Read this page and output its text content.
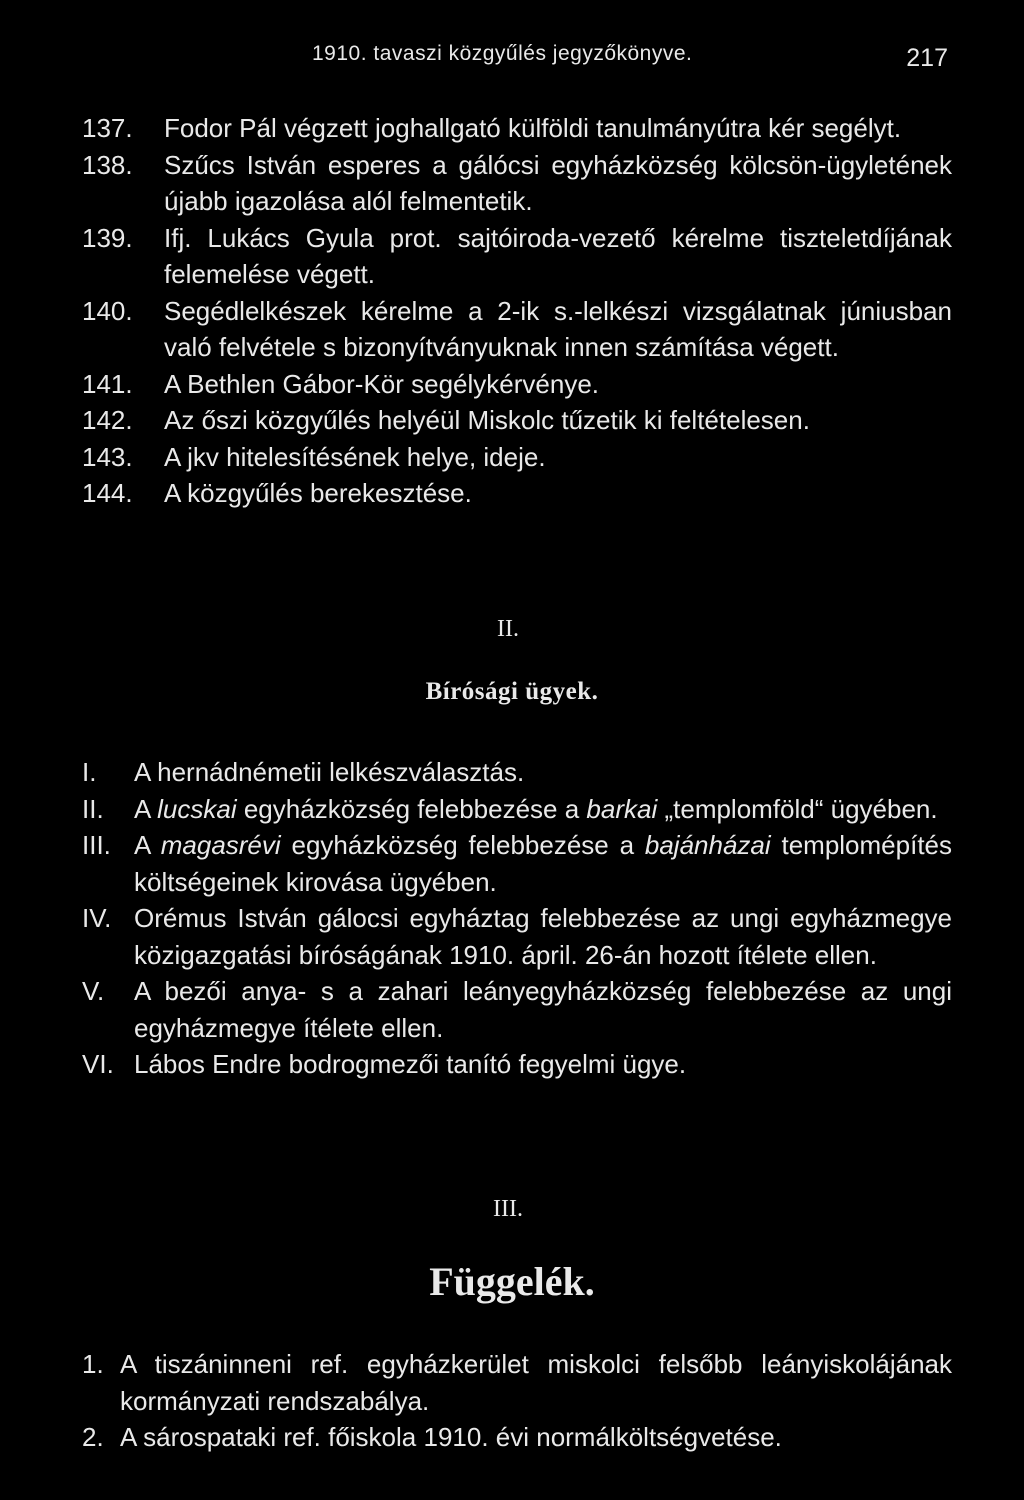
1910. tavaszi közgyűlés jegyzőkönyve.	217
137.	Fodor Pál végzett joghallgató külföldi tanulmányútra kér segélyt.
138.	Szűcs István esperes a gálócsi egyházközség kölcsön-ügyletének újabb igazolása alól felmentetik.
139.	Ifj. Lukács Gyula prot. sajtóiroda-vezető kérelme tiszteletdíjának felemelése végett.
140.	Segédlelkészek kérelme a 2-ik s.-lelkészi vizsgálatnak júniusban való felvétele s bizonyítványuknak innen számítása végett.
141.	A Bethlen Gábor-Kör segélykérvénye.
142.	Az őszi közgyűlés helyéül Miskolc tűzetik ki feltételesen.
143.	A jkv hitelesítésének helye, ideje.
144.	A közgyűlés berekesztése.
II.
Bírósági ügyek.
I.	A hernádnémetii lelkészválasztás.
II.	A lucskai egyházközség felebbezése a barkai „templomföld“ ügyében.
III. A magasrévi egyházközség felebbezése a bajánházai templomépítés költségeinek kirovása ügyében.
IV. Orémus István gálocsi egyháztag felebbezése az ungi egyházmegye közigazgatási bíróságának 1910. ápril. 26-án hozott ítélete ellen.
V.	A bezői anya- s a zahari leányegyházközség felebbezése az ungi egyházmegye ítélete ellen.
VI. Lábos Endre bodrogmezői tanító fegyelmi ügye.
III.
Függelék.
1. A tiszáninneni ref. egyházkerület miskolci felsőbb leányiskolájának kormányzati rendszabálya.
2. A sárospataki ref. főiskola 1910. évi normálköltségvetése.
